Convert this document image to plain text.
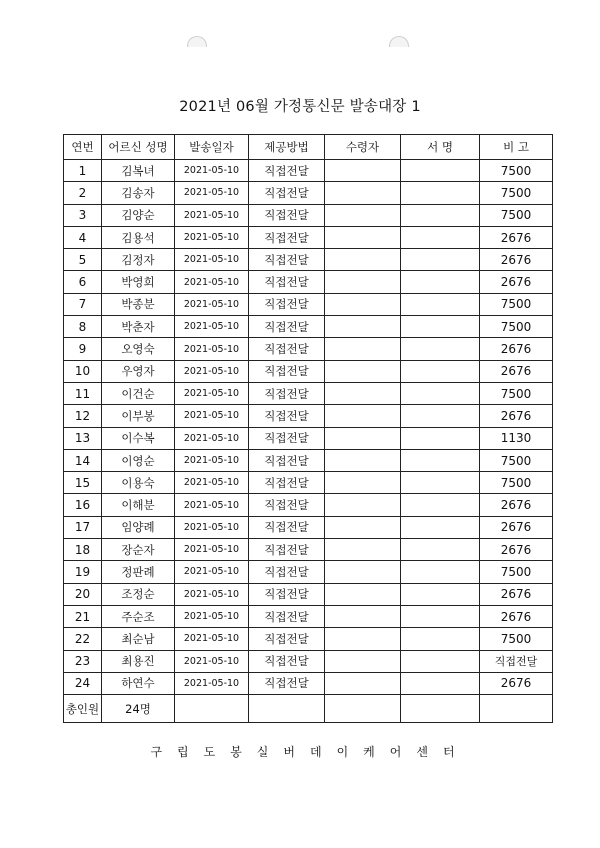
2021년 06월 가정통신문 발송대장 1
연번	어르신 성명	발송일자	제공방법	수령자	서 명	비 고
1	김복녀	2021-05-10	직접전달			7500
2	김송자	2021-05-10	직접전달			7500
3	김양순	2021-05-10	직접전달			7500
4	김용석	2021-05-10	직접전달			2676
5	김정자	2021-05-10	직접전달			2676
6	박영희	2021-05-10	직접전달			2676
7	박종분	2021-05-10	직접전달			7500
8	박춘자	2021-05-10	직접전달			7500
9	오영숙	2021-05-10	직접전달			2676
10	우영자	2021-05-10	직접전달			2676
11	이건순	2021-05-10	직접전달			7500
12	이부봉	2021-05-10	직접전달			2676
13	이수복	2021-05-10	직접전달			1130
14	이영순	2021-05-10	직접전달			7500
15	이용숙	2021-05-10	직접전달			7500
16	이해분	2021-05-10	직접전달			2676
17	임양례	2021-05-10	직접전달			2676
18	장순자	2021-05-10	직접전달			2676
19	정판례	2021-05-10	직접전달			7500
20	조정순	2021-05-10	직접전달			2676
21	주순조	2021-05-10	직접전달			2676
22	최순남	2021-05-10	직접전달			7500
23	최용진	2021-05-10	직접전달			직접전달
24	하연수	2021-05-10	직접전달			2676
총인원	24명					
구립도봉실버데이케어센터
